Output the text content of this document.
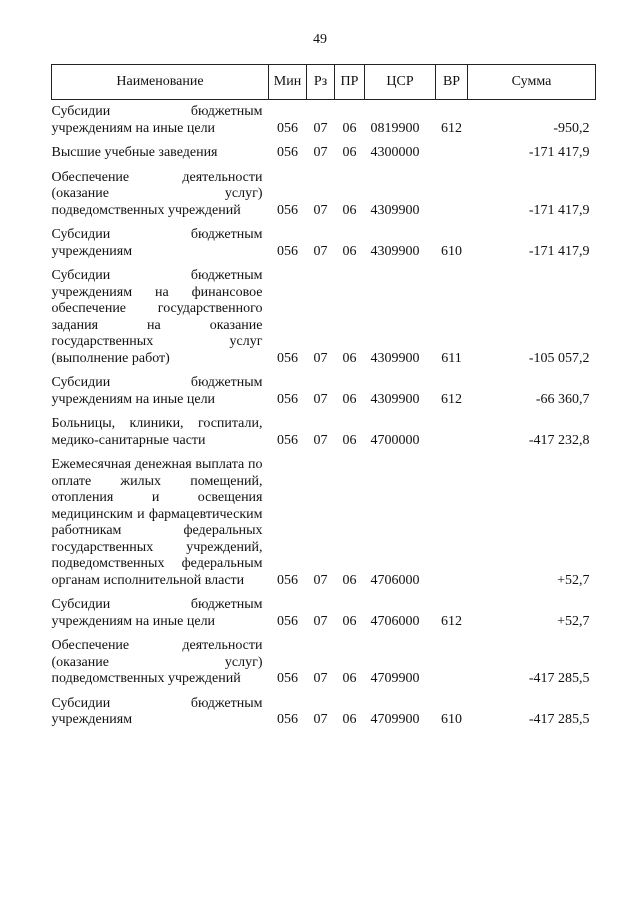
49
Наименование	Мин	Рз	ПР	ЦСР	ВР	Сумма
Субсидии бюджетным учреждениям на иные цели	056	07	06	0819900	612	-950,2

Высшие учебные заведения	056	07	06	4300000		-171 417,9

Обеспечение деятельности (оказание услуг) подведомственных учреждений	056	07	06	4309900		-171 417,9

Субсидии бюджетным учреждениям	056	07	06	4309900	610	-171 417,9

Субсидии бюджетным учреждениям на финансовое обеспечение государственного задания на оказание государственных услуг (выполнение работ)	056	07	06	4309900	611	-105 057,2

Субсидии бюджетным учреждениям на иные цели	056	07	06	4309900	612	-66 360,7

Больницы, клиники, госпитали, медико-санитарные части	056	07	06	4700000		-417 232,8

Ежемесячная денежная выплата по оплате жилых помещений, отопления и освещения медицинским и фармацевтическим работникам федеральных государственных учреждений, подведомственных федеральным органам исполнительной власти	056	07	06	4706000		+52,7

Субсидии бюджетным учреждениям на иные цели	056	07	06	4706000	612	+52,7

Обеспечение деятельности (оказание услуг) подведомственных учреждений	056	07	06	4709900		-417 285,5

Субсидии бюджетным учреждениям	056	07	06	4709900	610	-417 285,5
